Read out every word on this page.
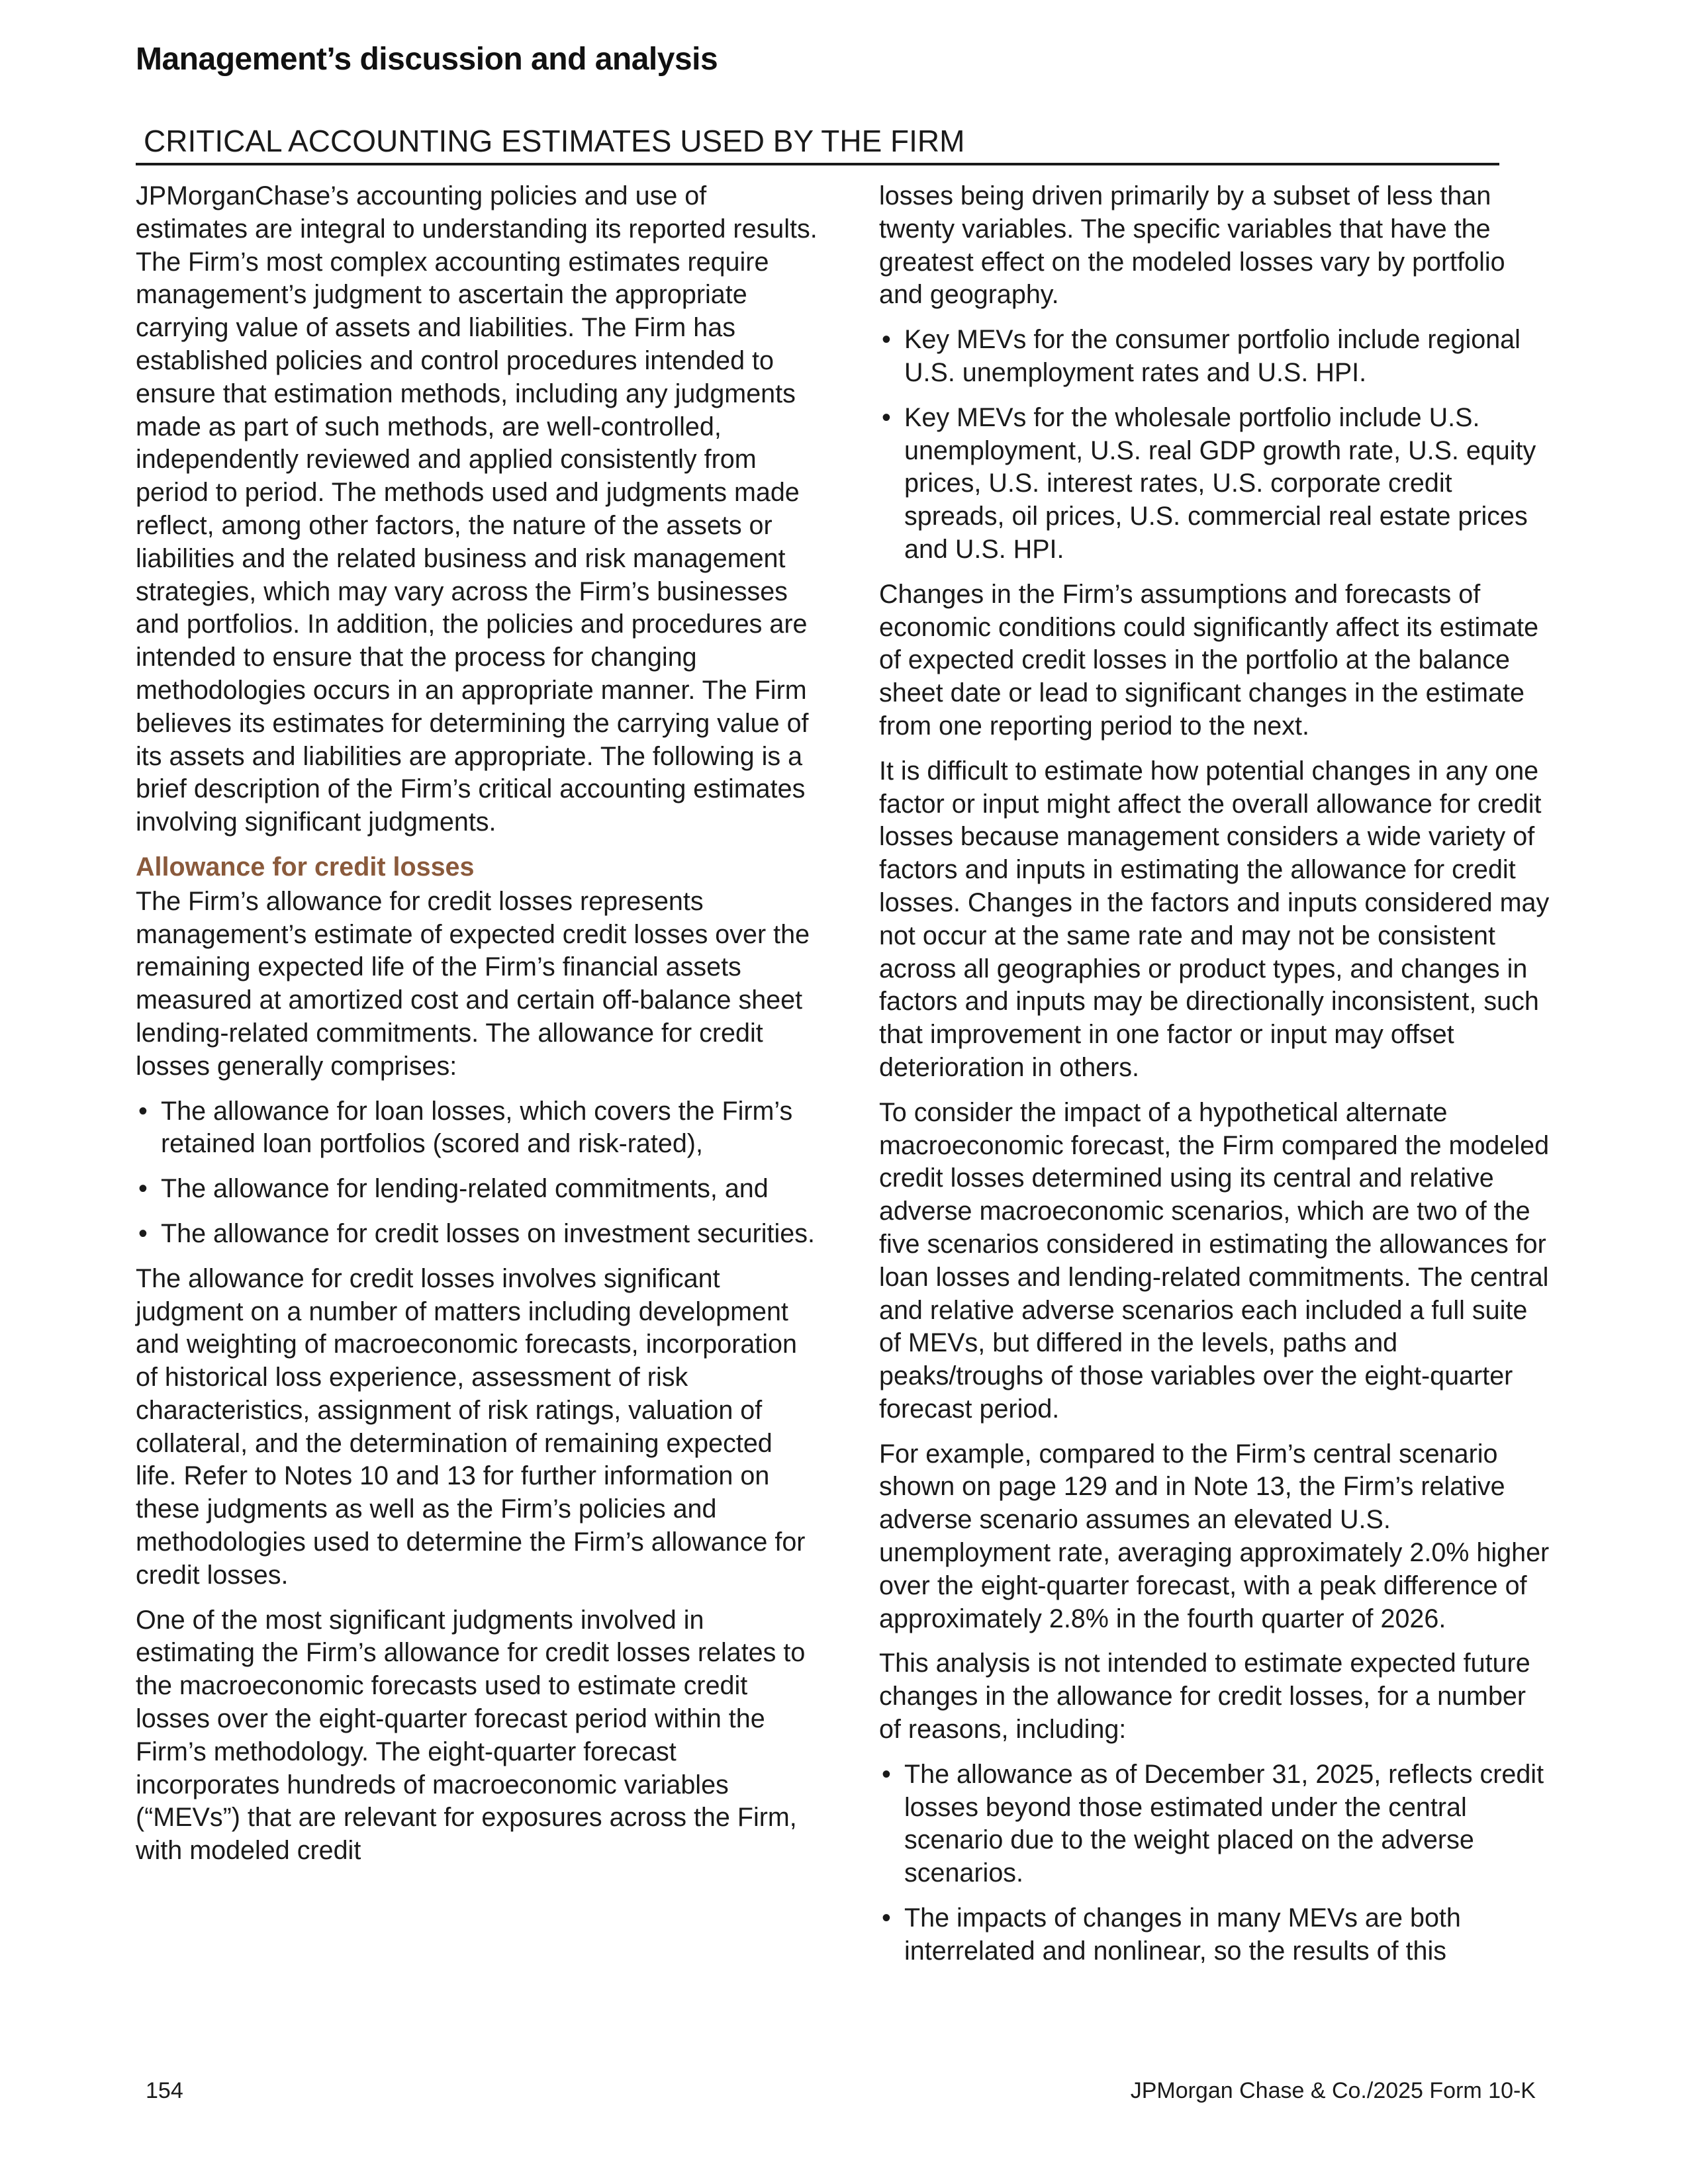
Management’s discussion and analysis
CRITICAL ACCOUNTING ESTIMATES USED BY THE FIRM

JPMorganChase’s accounting policies and use of estimates are integral to understanding its reported results. The Firm’s most complex accounting estimates require management’s judgment to ascertain the appropriate carrying value of assets and liabilities. The Firm has established policies and control procedures intended to ensure that estimation methods, including any judgments made as part of such methods, are well-controlled, independently reviewed and applied consistently from period to period. The methods used and judgments made reflect, among other factors, the nature of the assets or liabilities and the related business and risk management strategies, which may vary across the Firm’s businesses and portfolios. In addition, the policies and procedures are intended to ensure that the process for changing methodologies occurs in an appropriate manner. The Firm believes its estimates for determining the carrying value of its assets and liabilities are appropriate. The following is a brief description of the Firm’s critical accounting estimates involving significant judgments.

Allowance for credit losses

The Firm’s allowance for credit losses represents management’s estimate of expected credit losses over the remaining expected life of the Firm’s financial assets measured at amortized cost and certain off-balance sheet lending-related commitments. The allowance for credit losses generally comprises:

• The allowance for loan losses, which covers the Firm’s retained loan portfolios (scored and risk-rated),
• The allowance for lending-related commitments, and
• The allowance for credit losses on investment securities.

The allowance for credit losses involves significant judgment on a number of matters including development and weighting of macroeconomic forecasts, incorporation of historical loss experience, assessment of risk characteristics, assignment of risk ratings, valuation of collateral, and the determination of remaining expected life. Refer to Notes 10 and 13 for further information on these judgments as well as the Firm’s policies and methodologies used to determine the Firm’s allowance for credit losses.

One of the most significant judgments involved in estimating the Firm’s allowance for credit losses relates to the macroeconomic forecasts used to estimate credit losses over the eight-quarter forecast period within the Firm’s methodology. The eight-quarter forecast incorporates hundreds of macroeconomic variables (“MEVs”) that are relevant for exposures across the Firm, with modeled credit

losses being driven primarily by a subset of less than twenty variables. The specific variables that have the greatest effect on the modeled losses vary by portfolio and geography.

• Key MEVs for the consumer portfolio include regional U.S. unemployment rates and U.S. HPI.
• Key MEVs for the wholesale portfolio include U.S. unemployment, U.S. real GDP growth rate, U.S. equity prices, U.S. interest rates, U.S. corporate credit spreads, oil prices, U.S. commercial real estate prices and U.S. HPI.

Changes in the Firm’s assumptions and forecasts of economic conditions could significantly affect its estimate of expected credit losses in the portfolio at the balance sheet date or lead to significant changes in the estimate from one reporting period to the next.

It is difficult to estimate how potential changes in any one factor or input might affect the overall allowance for credit losses because management considers a wide variety of factors and inputs in estimating the allowance for credit losses. Changes in the factors and inputs considered may not occur at the same rate and may not be consistent across all geographies or product types, and changes in factors and inputs may be directionally inconsistent, such that improvement in one factor or input may offset deterioration in others.

To consider the impact of a hypothetical alternate macroeconomic forecast, the Firm compared the modeled credit losses determined using its central and relative adverse macroeconomic scenarios, which are two of the five scenarios considered in estimating the allowances for loan losses and lending-related commitments. The central and relative adverse scenarios each included a full suite of MEVs, but differed in the levels, paths and peaks/troughs of those variables over the eight-quarter forecast period.

For example, compared to the Firm’s central scenario shown on page 129 and in Note 13, the Firm’s relative adverse scenario assumes an elevated U.S. unemployment rate, averaging approximately 2.0% higher over the eight-quarter forecast, with a peak difference of approximately 2.8% in the fourth quarter of 2026.

This analysis is not intended to estimate expected future changes in the allowance for credit losses, for a number of reasons, including:

• The allowance as of December 31, 2025, reflects credit losses beyond those estimated under the central scenario due to the weight placed on the adverse scenarios.
• The impacts of changes in many MEVs are both interrelated and nonlinear, so the results of this
154	JPMorgan Chase & Co./2025 Form 10-K
